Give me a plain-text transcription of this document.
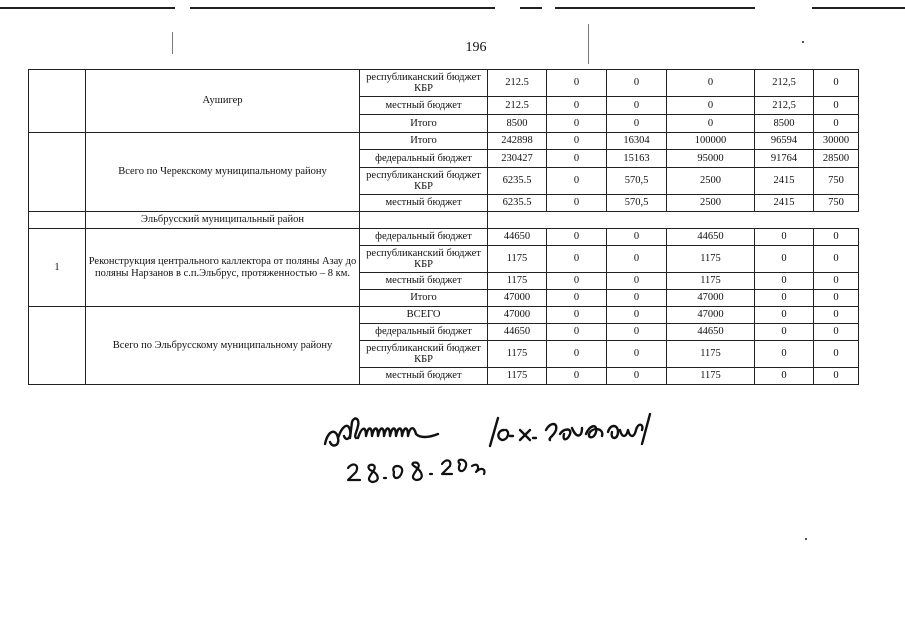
196
	Аушигер	республиканский бюджет КБР	212.5	0	0	0	212,5	0
		местный бюджет	212.5	0	0	0	212,5	0
		Итого	8500	0	0	0	8500	0
	Всего по Черекскому муниципальному району	Итого	242898	0	16304	100000	96594	30000
		федеральный бюджет	230427	0	15163	95000	91764	28500
		республиканский бюджет КБР	6235.5	0	570,5	2500	2415	750
		местный бюджет	6235.5	0	570,5	2500	2415	750
	Эльбрусский муниципальный район							
1	Реконструкция центрального каллектора от поляны Азау до поляны Нарзанов в с.п.Эльбрус, протяженностью – 8 км.	федеральный бюджет	44650	0	0	44650	0	0
		республиканский бюджет КБР	1175	0	0	1175	0	0
		местный бюджет	1175	0	0	1175	0	0
		Итого	47000	0	0	47000	0	0
	Всего по Эльбрусскому муниципальному району	ВСЕГО	47000	0	0	47000	0	0
		федеральный бюджет	44650	0	0	44650	0	0
		республиканский бюджет КБР	1175	0	0	1175	0	0
		местный бюджет	1175	0	0	1175	0	0
